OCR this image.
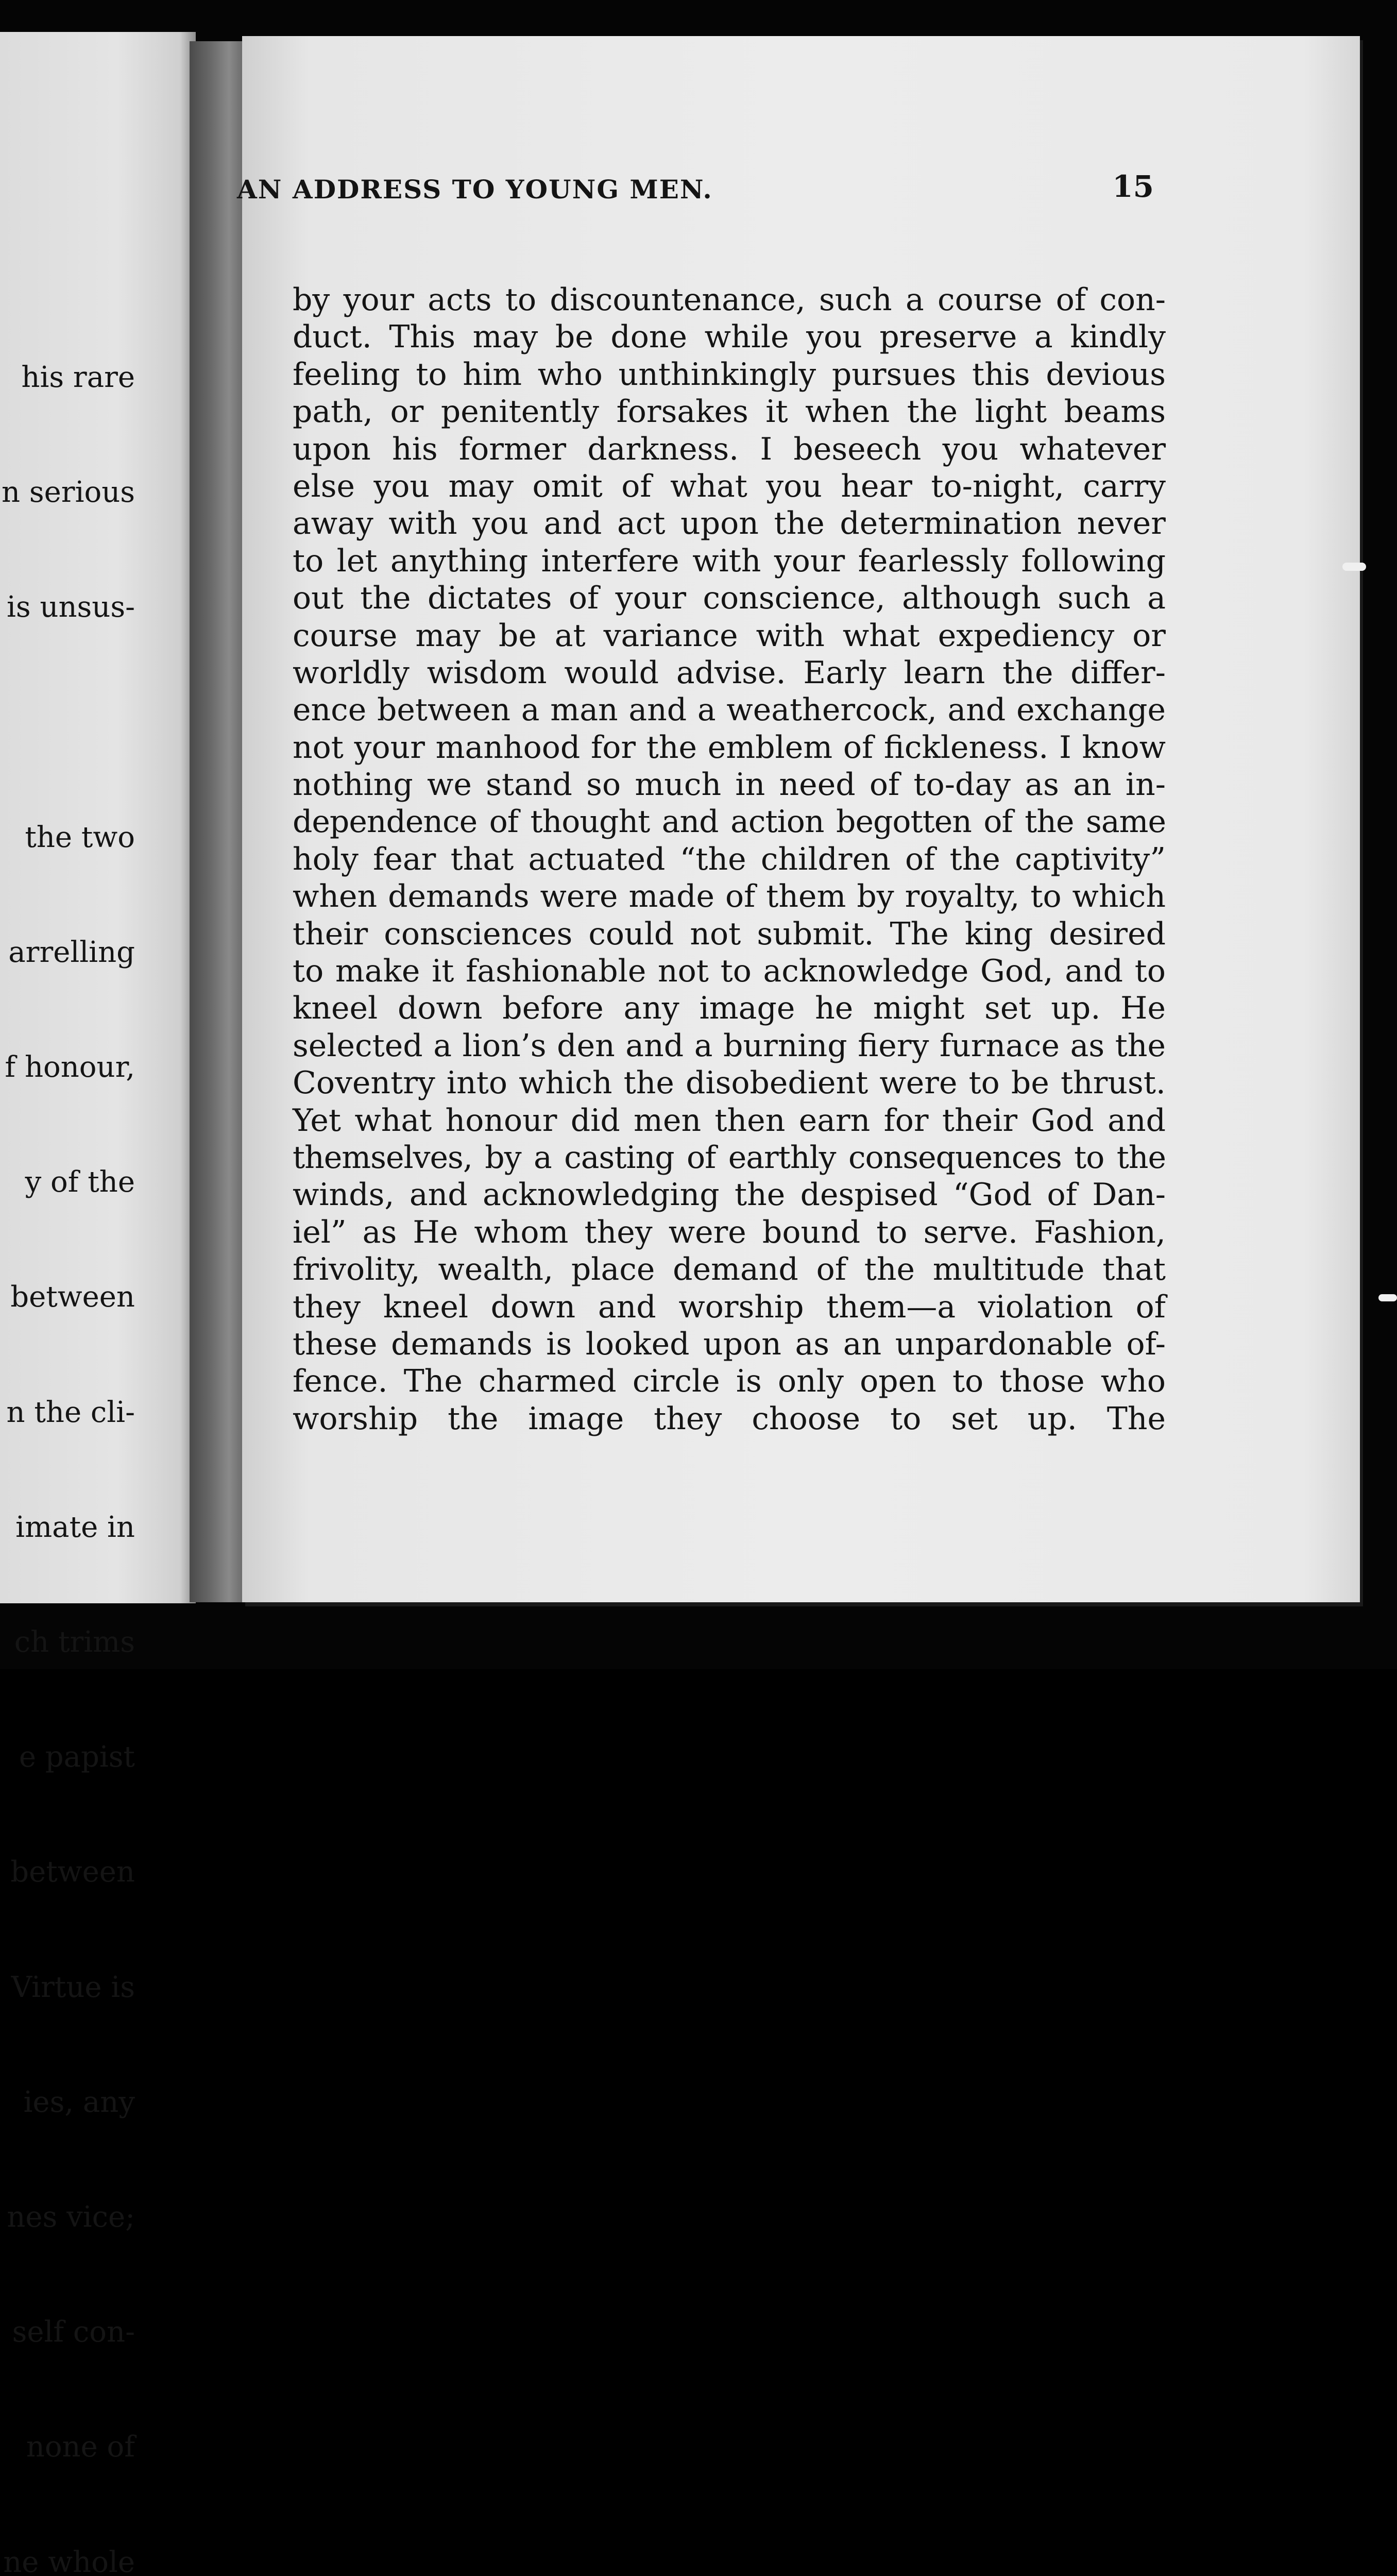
his rare

n serious

is unsus-

the two

arrelling

f honour,

y of the

between

n the cli-

imate in

ch trims

e papist

between

Virtue is

ies, any

nes vice;

self con-

none of

ne whole

AN ADDRESS TO YOUNG MEN.	15
by your acts to discountenance, such a course of con-
duct. This may be done while you preserve a kindly
feeling to him who unthinkingly pursues this devious
path, or penitently forsakes it when the light beams
upon his former darkness. I beseech you whatever
else you may omit of what you hear to-night, carry
away with you and act upon the determination never
to let anything interfere with your fearlessly following
out the dictates of your conscience, although such a
course may be at variance with what expediency or
worldly wisdom would advise. Early learn the differ-
ence between a man and a weathercock, and exchange
not your manhood for the emblem of fickleness. I know
nothing we stand so much in need of to-day as an in-
dependence of thought and action begotten of the same
holy fear that actuated “the children of the captivity”
when demands were made of them by royalty, to which
their consciences could not submit. The king desired
to make it fashionable not to acknowledge God, and to
kneel down before any image he might set up. He
selected a lion’s den and a burning fiery furnace as the
Coventry into which the disobedient were to be thrust.
Yet what honour did men then earn for their God and
themselves, by a casting of earthly consequences to the
winds, and acknowledging the despised “God of Dan-
iel” as He whom they were bound to serve. Fashion,
frivolity, wealth, place demand of the multitude that
they kneel down and worship them—a violation of
these demands is looked upon as an unpardonable of-
fence. The charmed circle is only open to those who
worship the image they choose to set up. The
